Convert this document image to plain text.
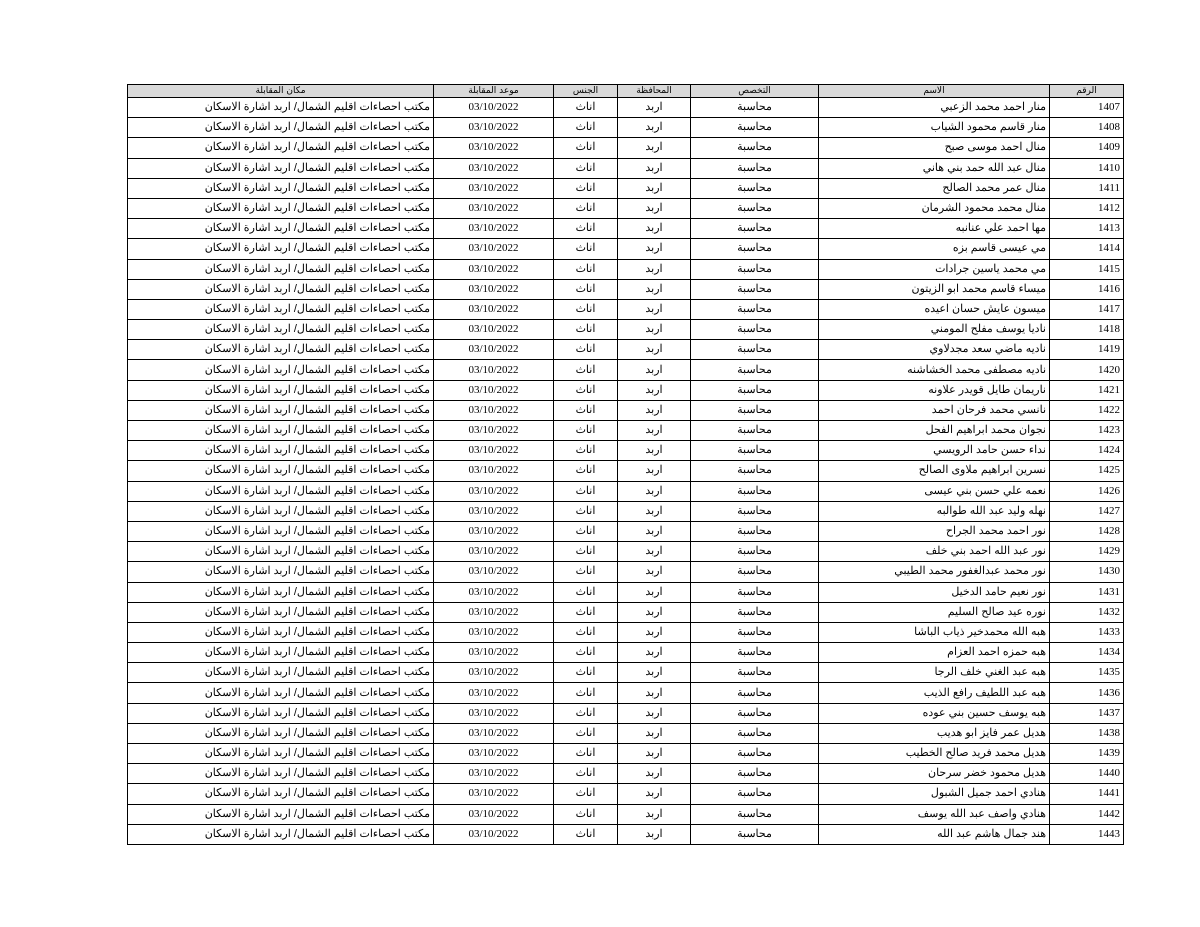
مكان المقابلة	موعد المقابلة	الجنس	المحافظة	التخصص	الاسم	الرقم
مكتب احصاءات اقليم الشمال/ اربد اشارة الاسكان	03/10/2022	اناث	اربد	محاسبة	منار احمد محمد الزعبي	1407
مكتب احصاءات اقليم الشمال/ اربد اشارة الاسكان	03/10/2022	اناث	اربد	محاسبة	منار قاسم محمود الشياب	1408
مكتب احصاءات اقليم الشمال/ اربد اشارة الاسكان	03/10/2022	اناث	اربد	محاسبة	منال احمد موسى صبح	1409
مكتب احصاءات اقليم الشمال/ اربد اشارة الاسكان	03/10/2022	اناث	اربد	محاسبة	منال عبد الله حمد بني هاني	1410
مكتب احصاءات اقليم الشمال/ اربد اشارة الاسكان	03/10/2022	اناث	اربد	محاسبة	منال عمر محمد الصالح	1411
مكتب احصاءات اقليم الشمال/ اربد اشارة الاسكان	03/10/2022	اناث	اربد	محاسبة	منال محمد محمود الشرمان	1412
مكتب احصاءات اقليم الشمال/ اربد اشارة الاسكان	03/10/2022	اناث	اربد	محاسبة	مها احمد علي عنانبه	1413
مكتب احصاءات اقليم الشمال/ اربد اشارة الاسكان	03/10/2022	اناث	اربد	محاسبة	مي عيسى قاسم بزه	1414
مكتب احصاءات اقليم الشمال/ اربد اشارة الاسكان	03/10/2022	اناث	اربد	محاسبة	مي محمد ياسين جرادات	1415
مكتب احصاءات اقليم الشمال/ اربد اشارة الاسكان	03/10/2022	اناث	اربد	محاسبة	ميساء قاسم محمد ابو الزيتون	1416
مكتب احصاءات اقليم الشمال/ اربد اشارة الاسكان	03/10/2022	اناث	اربد	محاسبة	ميسون عايش حسان اعيده	1417
مكتب احصاءات اقليم الشمال/ اربد اشارة الاسكان	03/10/2022	اناث	اربد	محاسبة	ناديا يوسف مفلح المومني	1418
مكتب احصاءات اقليم الشمال/ اربد اشارة الاسكان	03/10/2022	اناث	اربد	محاسبة	ناديه ماضي سعد مجدلاوي	1419
مكتب احصاءات اقليم الشمال/ اربد اشارة الاسكان	03/10/2022	اناث	اربد	محاسبة	ناديه مصطفى محمد الخشاشنه	1420
مكتب احصاءات اقليم الشمال/ اربد اشارة الاسكان	03/10/2022	اناث	اربد	محاسبة	ناريمان طايل قويدر علاونه	1421
مكتب احصاءات اقليم الشمال/ اربد اشارة الاسكان	03/10/2022	اناث	اربد	محاسبة	نانسي محمد فرحان احمد	1422
مكتب احصاءات اقليم الشمال/ اربد اشارة الاسكان	03/10/2022	اناث	اربد	محاسبة	نجوان محمد ابراهيم الفحل	1423
مكتب احصاءات اقليم الشمال/ اربد اشارة الاسكان	03/10/2022	اناث	اربد	محاسبة	نداء حسن حامد الرويسي	1424
مكتب احصاءات اقليم الشمال/ اربد اشارة الاسكان	03/10/2022	اناث	اربد	محاسبة	نسرين ابراهيم ملاوى الصالح	1425
مكتب احصاءات اقليم الشمال/ اربد اشارة الاسكان	03/10/2022	اناث	اربد	محاسبة	نعمه علي حسن بني عيسى	1426
مكتب احصاءات اقليم الشمال/ اربد اشارة الاسكان	03/10/2022	اناث	اربد	محاسبة	نهله وليد عبد الله طوالبه	1427
مكتب احصاءات اقليم الشمال/ اربد اشارة الاسكان	03/10/2022	اناث	اربد	محاسبة	نور احمد محمد الجراح	1428
مكتب احصاءات اقليم الشمال/ اربد اشارة الاسكان	03/10/2022	اناث	اربد	محاسبة	نور عبد الله احمد بني خلف	1429
مكتب احصاءات اقليم الشمال/ اربد اشارة الاسكان	03/10/2022	اناث	اربد	محاسبة	نور محمد عبدالغفور محمد الطيبي	1430
مكتب احصاءات اقليم الشمال/ اربد اشارة الاسكان	03/10/2022	اناث	اربد	محاسبة	نور نعيم حامد الدخيل	1431
مكتب احصاءات اقليم الشمال/ اربد اشارة الاسكان	03/10/2022	اناث	اربد	محاسبة	نوره عيد صالح السليم	1432
مكتب احصاءات اقليم الشمال/ اربد اشارة الاسكان	03/10/2022	اناث	اربد	محاسبة	هبه الله محمدخير ذياب الباشا	1433
مكتب احصاءات اقليم الشمال/ اربد اشارة الاسكان	03/10/2022	اناث	اربد	محاسبة	هبه حمزه احمد العزام	1434
مكتب احصاءات اقليم الشمال/ اربد اشارة الاسكان	03/10/2022	اناث	اربد	محاسبة	هبه عبد الغني خلف الرجا	1435
مكتب احصاءات اقليم الشمال/ اربد اشارة الاسكان	03/10/2022	اناث	اربد	محاسبة	هبه عبد اللطيف رافع الذيب	1436
مكتب احصاءات اقليم الشمال/ اربد اشارة الاسكان	03/10/2022	اناث	اربد	محاسبة	هبه يوسف حسين بني عوده	1437
مكتب احصاءات اقليم الشمال/ اربد اشارة الاسكان	03/10/2022	اناث	اربد	محاسبة	هديل عمر فايز ابو هديب	1438
مكتب احصاءات اقليم الشمال/ اربد اشارة الاسكان	03/10/2022	اناث	اربد	محاسبة	هديل محمد فريد صالح الخطيب	1439
مكتب احصاءات اقليم الشمال/ اربد اشارة الاسكان	03/10/2022	اناث	اربد	محاسبة	هديل محمود خضر سرحان	1440
مكتب احصاءات اقليم الشمال/ اربد اشارة الاسكان	03/10/2022	اناث	اربد	محاسبة	هنادي احمد جميل الشبول	1441
مكتب احصاءات اقليم الشمال/ اربد اشارة الاسكان	03/10/2022	اناث	اربد	محاسبة	هنادي واصف عبد الله يوسف	1442
مكتب احصاءات اقليم الشمال/ اربد اشارة الاسكان	03/10/2022	اناث	اربد	محاسبة	هند جمال هاشم عبد الله	1443
